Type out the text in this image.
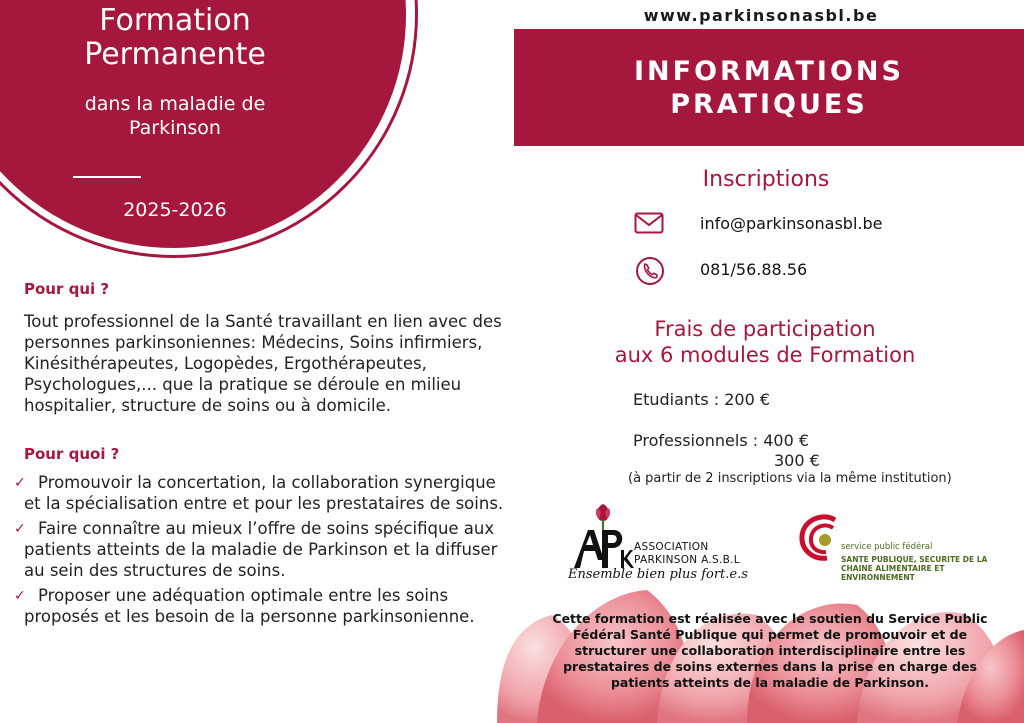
Formation Permanente
dans la maladie de Parkinson
2025-2026
Pour qui ?
Tout professionnel de la Santé travaillant en lien avec des personnes parkinsoniennes: Médecins, Soins infirmiers, Kinésithérapeutes, Logopèdes, Ergothérapeutes, Psychologues,... que la pratique se déroule en milieu hospitalier, structure de soins ou à domicile.
Pour quoi ?
✓ Promouvoir la concertation, la collaboration synergique et la spécialisation entre et pour les prestataires de soins.
✓ Faire connaître au mieux l’offre de soins spécifique aux patients atteints de la maladie de Parkinson et la diffuser au sein des structures de soins.
✓ Proposer une adéquation optimale entre les soins proposés et les besoin de la personne parkinsonienne.
www.parkinsonasbl.be
INFORMATIONS
PRATIQUES
Inscriptions
info@parkinsonasbl.be
081/56.88.56
Frais de participation
aux 6 modules de Formation
Etudiants : 200 €
Professionnels : 400 €
300 €
(à partir de 2 inscriptions via la même institution)
ASSOCIATION
PARKINSON A.S.B.L
Ensemble bien plus fort.e.s
service public fédéral
SANTE PUBLIQUE, SECURITE DE LA CHAINE ALIMENTAIRE ET ENVIRONNEMENT
Cette formation est réalisée avec le soutien du Service Public Fédéral Santé Publique qui permet de promouvoir et de structurer une collaboration interdisciplinaire entre les prestataires de soins externes dans la prise en charge des patients atteints de la maladie de Parkinson.
